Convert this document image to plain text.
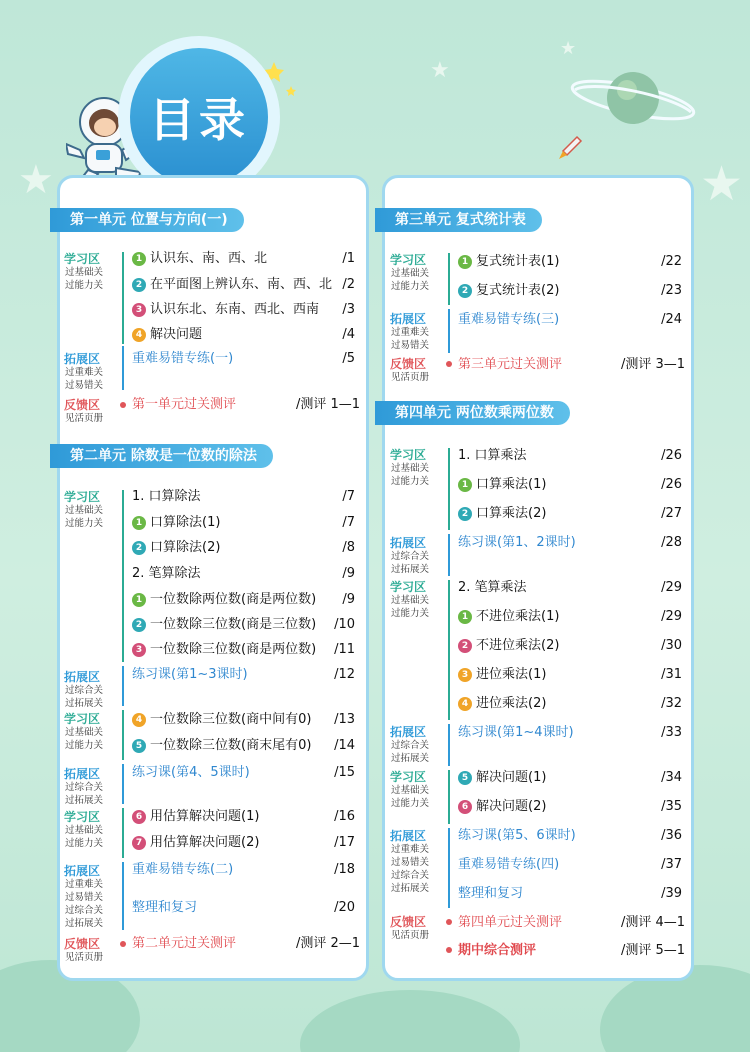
★	★
★
★
目录
第一单元 位置与方向(一)
学习区
过基础关
过能力关
拓展区
过重难关
过易错关
反馈区
见活页册
1 认识东、南、西、北	/1
2 在平面图上辨认东、南、西、北 /2
3 认识东北、东南、西北、西南 /3
4 解决问题	/4
重难易错专练(一)	/5
第一单元过关测评	/测评 1—1
第二单元 除数是一位数的除法
学习区
过基础关
过能力关
拓展区
过综合关
过拓展关
学习区
过基础关
过能力关
拓展区
过综合关
过拓展关
学习区
过基础关
过能力关
拓展区
过重难关
过易错关
过综合关
过拓展关
反馈区
见活页册
1. 口算除法	/7
1 口算除法(1)	/7
2 口算除法(2)	/8
2. 笔算除法	/9
1 一位数除两位数(商是两位数) /9
2 一位数除三位数(商是三位数) /10
3 一位数除三位数(商是两位数) /11
练习课(第1~3课时)	/12
4 一位数除三位数(商中间有0) /13
5 一位数除三位数(商末尾有0) /14
练习课(第4、5课时)	/15
6 用估算解决问题(1)	/16
7 用估算解决问题(2)	/17
重难易错专练(二)	/18
整理和复习	/20
第二单元过关测评	/测评 2—1
第三单元 复式统计表
学习区
过基础关
过能力关
拓展区
过重难关
过易错关
反馈区
见活页册
1 复式统计表(1)	/22
2 复式统计表(2)	/23
重难易错专练(三)	/24
第三单元过关测评	/测评 3—1
第四单元 两位数乘两位数
学习区
过基础关
过能力关
拓展区
过综合关
过拓展关
学习区
过基础关
过能力关
拓展区
过综合关
过拓展关
学习区
过基础关
过能力关
拓展区
过重难关
过易错关
过综合关
过拓展关
反馈区
见活页册
1. 口算乘法	/26
1 口算乘法(1)	/26
2 口算乘法(2)	/27
练习课(第1、2课时)	/28
2. 笔算乘法	/29
1 不进位乘法(1)	/29
2 不进位乘法(2)	/30
3 进位乘法(1)	/31
4 进位乘法(2)	/32
练习课(第1~4课时)	/33
5 解决问题(1)	/34
6 解决问题(2)	/35
练习课(第5、6课时)	/36
重难易错专练(四)	/37
整理和复习	/39
第四单元过关测评	/测评 4—1
期中综合测评	/测评 5—1
